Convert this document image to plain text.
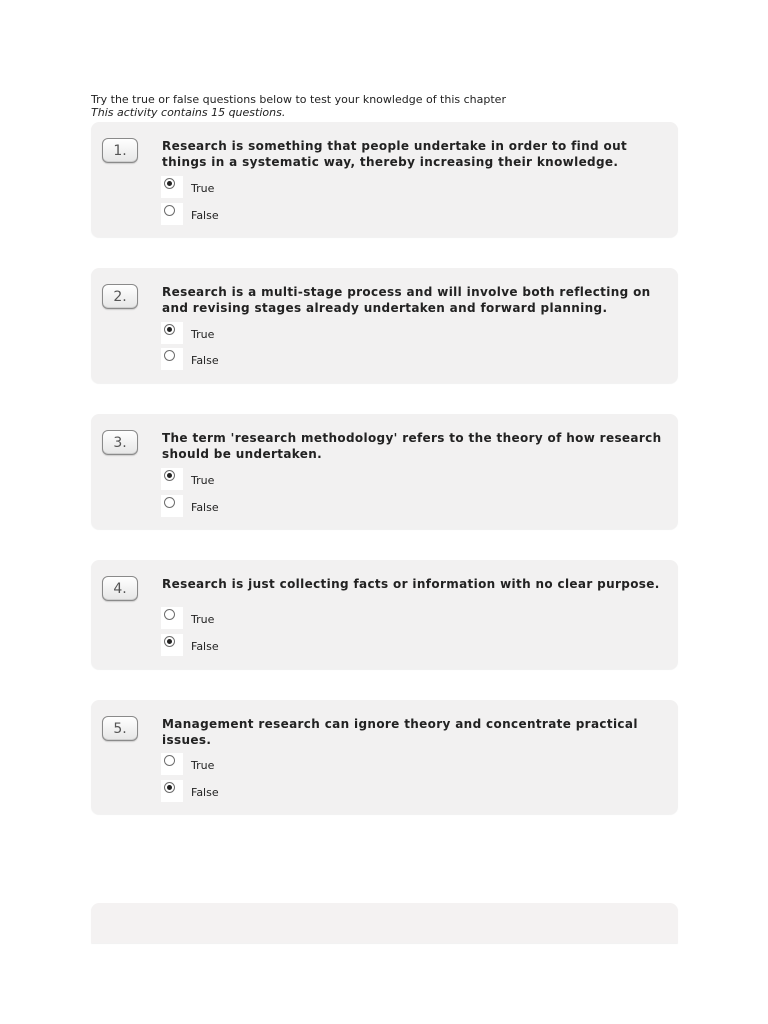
Try the true or false questions below to test your knowledge of this chapter
This activity contains 15 questions.
1.	Research is something that people undertake in order to find out things in a systematic way, thereby increasing their knowledge.
True
False
2.	Research is a multi-stage process and will involve both reflecting on and revising stages already undertaken and forward planning.
True
False
3.	The term 'research methodology' refers to the theory of how research should be undertaken.
True
False
4.	Research is just collecting facts or information with no clear purpose.
True
False
5.	Management research can ignore theory and concentrate practical issues.
True
False
